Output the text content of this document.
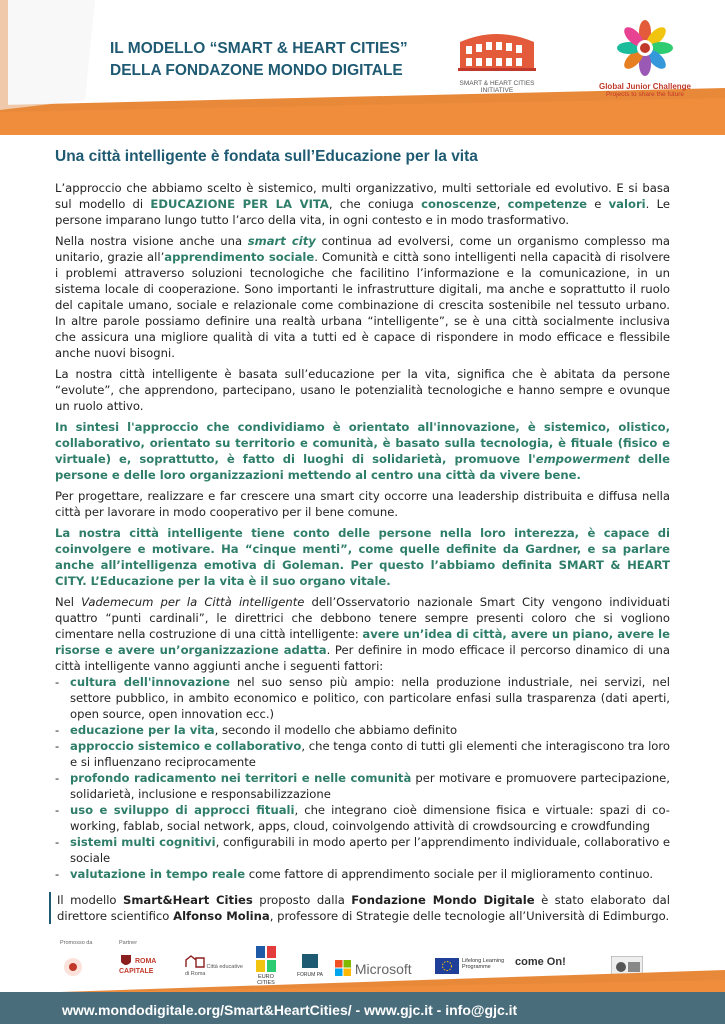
IL MODELLO “SMART & HEART CITIES”
DELLA FONDAZONE MONDO DIGITALE
SMART & HEART CITIES
INITIATIVE	Global Junior Challenge
Projects to share the future
Una città intelligente è fondata sull’Educazione per la vita

L’approccio che abbiamo scelto è sistemico, multi organizzativo, multi settoriale ed evolutivo. E si basa sul modello di EDUCAZIONE PER LA VITA, che coniuga conoscenze, competenze e valori. Le persone imparano lungo tutto l’arco della vita, in ogni contesto e in modo trasformativo.

Nella nostra visione anche una smart city continua ad evolversi, come un organismo complesso ma unitario, grazie all’apprendimento sociale. Comunità e città sono intelligenti nella capacità di risolvere i problemi attraverso soluzioni tecnologiche che facilitino l’informazione e la comunicazione, in un sistema locale di cooperazione. Sono importanti le infrastrutture digitali, ma anche e soprattutto il ruolo del capitale umano, sociale e relazionale come combinazione di crescita sostenibile nel tessuto urbano. In altre parole possiamo definire una realtà urbana “intelligente”, se è una città socialmente inclusiva che assicura una migliore qualità di vita a tutti ed è capace di rispondere in modo efficace e flessibile anche nuovi bisogni.

La nostra città intelligente è basata sull’educazione per la vita, significa che è abitata da persone “evolute”, che apprendono, partecipano, usano le potenzialità tecnologiche e hanno sempre e ovunque un ruolo attivo.

In sintesi l'approccio che condividiamo è orientato all'innovazione, è sistemico, olistico, collaborativo, orientato su territorio e comunità, è basato sulla tecnologia, è fituale (fisico e virtuale) e, soprattutto, è fatto di luoghi di solidarietà, promuove l'empowerment delle persone e delle loro organizzazioni mettendo al centro una città da vivere bene.

Per progettare, realizzare e far crescere una smart city occorre una leadership distribuita e diffusa nella città per lavorare in modo cooperativo per il bene comune.

La nostra città intelligente tiene conto delle persone nella loro interezza, è capace di coinvolgere e motivare. Ha “cinque menti”, come quelle definite da Gardner, e sa parlare anche all’intelligenza emotiva di Goleman. Per questo l’abbiamo definita SMART & HEART CITY. L’Educazione per la vita è il suo organo vitale.

Nel Vademecum per la Città intelligente dell’Osservatorio nazionale Smart City vengono individuati quattro “punti cardinali”, le direttrici che debbono tenere sempre presenti coloro che si vogliono cimentare nella costruzione di una città intelligente: avere un’idea di città, avere un piano, avere le risorse e avere un’organizzazione adatta. Per definire in modo efficace il percorso dinamico di una città intelligente vanno aggiunti anche i seguenti fattori:

- cultura dell'innovazione nel suo senso più ampio: nella produzione industriale, nei servizi, nel settore pubblico, in ambito economico e politico, con particolare enfasi sulla trasparenza (dati aperti, open source, open innovation ecc.)
- educazione per la vita, secondo il modello che abbiamo definito
- approccio sistemico e collaborativo, che tenga conto di tutti gli elementi che interagiscono tra loro e si influenzano reciprocamente
- profondo radicamento nei territori e nelle comunità per motivare e promuovere partecipazione, solidarietà, inclusione e responsabilizzazione
- uso e sviluppo di approcci fituali, che integrano cioè dimensione fisica e virtuale: spazi di co-working, fablab, social network, apps, cloud, coinvolgendo attività di crowdsourcing e crowdfunding
- sistemi multi cognitivi, configurabili in modo aperto per l’apprendimento individuale, collaborativo e sociale
- valutazione in tempo reale come fattore di apprendimento sociale per il miglioramento continuo.

Il modello Smart&Heart Cities proposto dalla Fondazione Mondo Digitale è stato elaborato dal direttore scientifico Alfonso Molina, professore di Strategie delle tecnologie all’Università di Edimburgo.

Promosso da	Partner
ROMA CAPITALE
Città educative di Roma	EURO CITIES
FORUM PA	Microsoft	Lifelong Learning Programme	come On!
www.mondodigitale.org/Smart&HeartCities/ - www.gjc.it - info@gjc.it
